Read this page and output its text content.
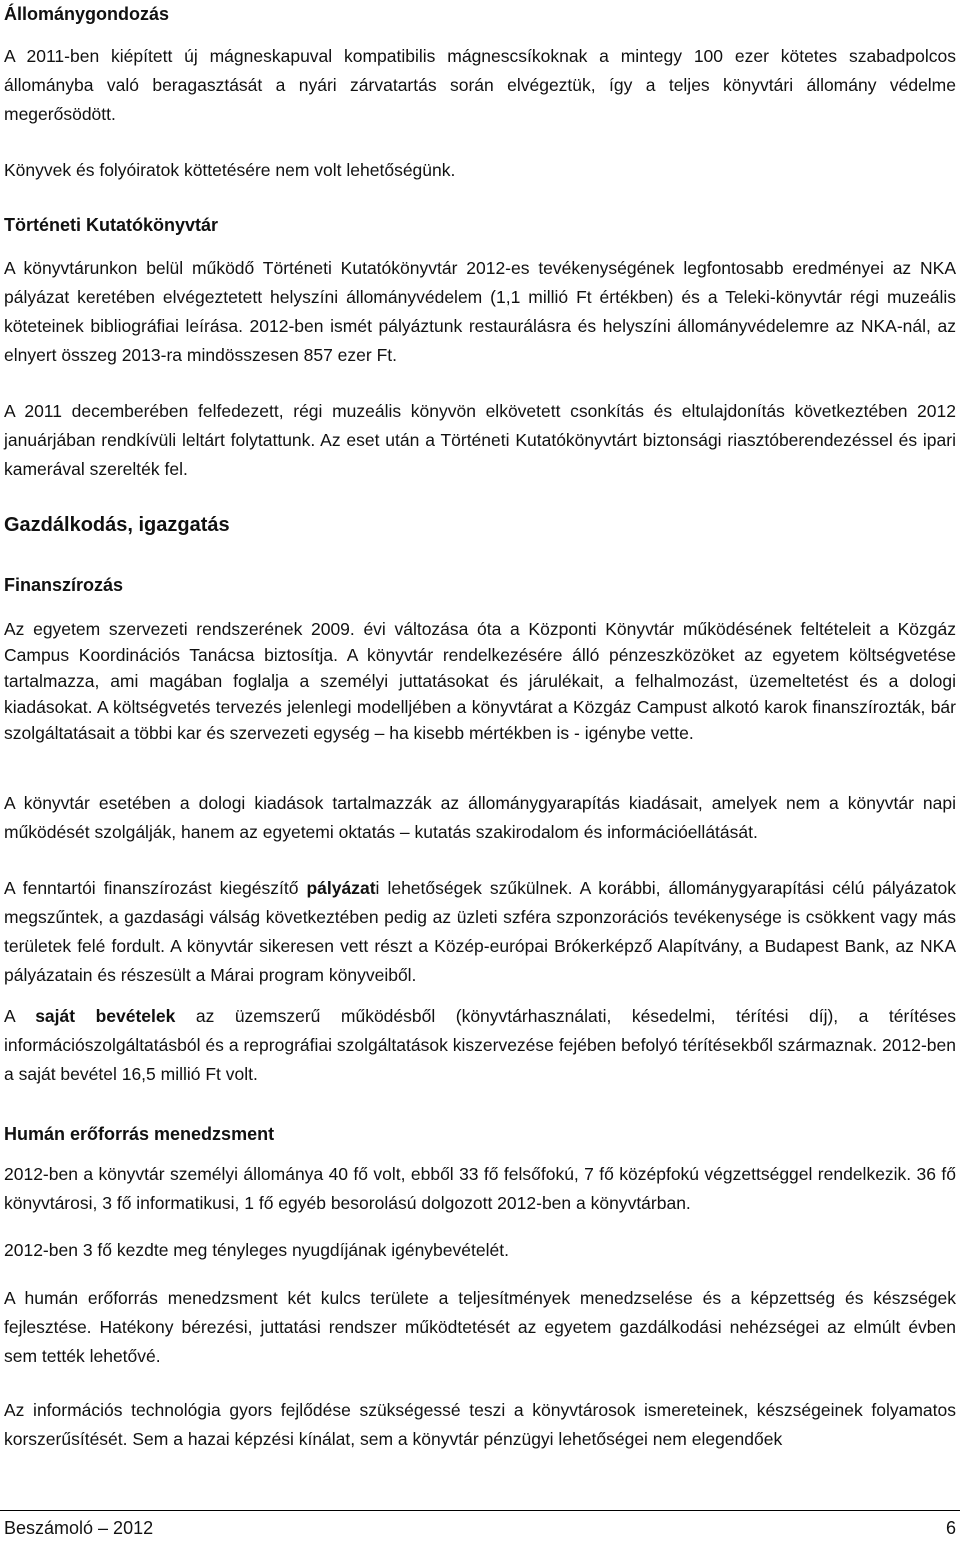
Állománygondozás

A 2011-ben kiépített új mágneskapuval kompatibilis mágnescsíkoknak a mintegy 100 ezer kötetes szabadpolcos állományba való beragasztását a nyári zárvatartás során elvégeztük, így a teljes könyvtári állomány védelme megerősödött.

Könyvek és folyóiratok köttetésére nem volt lehetőségünk.

Történeti Kutatókönyvtár

A könyvtárunkon belül működő Történeti Kutatókönyvtár 2012-es tevékenységének legfontosabb eredményei az NKA pályázat keretében elvégeztetett helyszíni állományvédelem (1,1 millió Ft értékben) és a Teleki-könyvtár régi muzeális köteteinek bibliográfiai leírása. 2012-ben ismét pályáztunk restaurálásra és helyszíni állományvédelemre az NKA-nál, az elnyert összeg 2013-ra mindösszesen 857 ezer Ft.

A 2011 decemberében felfedezett, régi muzeális könyvön elkövetett csonkítás és eltulajdonítás következtében 2012 januárjában rendkívüli leltárt folytattunk. Az eset után a Történeti Kutatókönyvtárt biztonsági riasztóberendezéssel és ipari kamerával szerelték fel.

Gazdálkodás, igazgatás
Finanszírozás

Az egyetem szervezeti rendszerének 2009. évi változása óta a Központi Könyvtár működésének feltételeit a Közgáz Campus Koordinációs Tanácsa biztosítja. A könyvtár rendelkezésére álló pénzeszközöket az egyetem költségvetése tartalmazza, ami magában foglalja a személyi juttatásokat és járulékait, a felhalmozást, üzemeltetést és a dologi kiadásokat. A költségvetés tervezés jelenlegi modelljében a könyvtárat a Közgáz Campust alkotó karok finanszírozták, bár szolgáltatásait a többi kar és szervezeti egység – ha kisebb mértékben is - igénybe vette.

A könyvtár esetében a dologi kiadások tartalmazzák az állománygyarapítás kiadásait, amelyek nem a könyvtár napi működését szolgálják, hanem az egyetemi oktatás – kutatás szakirodalom és információellátását.

A fenntartói finanszírozást kiegészítő pályázati lehetőségek szűkülnek. A korábbi, állománygyarapítási célú pályázatok megszűntek, a gazdasági válság következtében pedig az üzleti szféra szponzorációs tevékenysége is csökkent vagy más területek felé fordult. A könyvtár sikeresen vett részt a Közép-európai Brókerképző Alapítvány, a Budapest Bank, az NKA pályázatain és részesült a Márai program könyveiből.

A saját bevételek az üzemszerű működésből (könyvtárhasználati, késedelmi, térítési díj), a térítéses információszolgáltatásból és a reprográfiai szolgáltatások kiszervezése fejében befolyó térítésekből származnak. 2012-ben a saját bevétel 16,5 millió Ft volt.

Humán erőforrás menedzsment

2012-ben a könyvtár személyi állománya 40 fő volt, ebből 33 fő felsőfokú, 7 fő középfokú végzettséggel rendelkezik. 36 fő könyvtárosi, 3 fő informatikusi, 1 fő egyéb besorolású dolgozott 2012-ben a könyvtárban.

2012-ben 3 fő kezdte meg tényleges nyugdíjának igénybevételét.

A humán erőforrás menedzsment két kulcs területe a teljesítmények menedzselése és a képzettség és készségek fejlesztése. Hatékony bérezési, juttatási rendszer működtetését az egyetem gazdálkodási nehézségei az elmúlt évben sem tették lehetővé.

Az információs technológia gyors fejlődése szükségessé teszi a könyvtárosok ismereteinek, készségeinek folyamatos korszerűsítését. Sem a hazai képzési kínálat, sem a könyvtár pénzügyi lehetőségei nem elegendőek

Beszámoló – 2012	6
